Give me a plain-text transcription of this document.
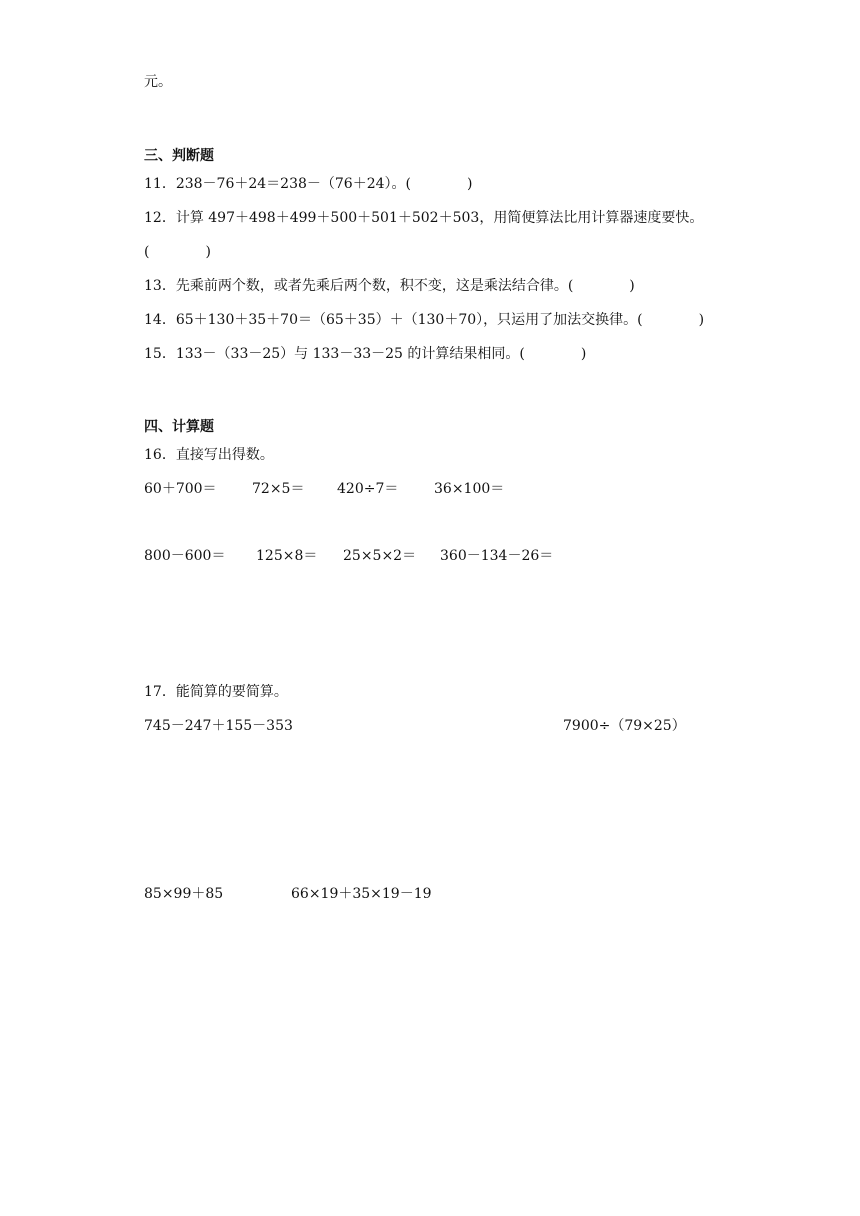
元。
三、判断题
11．238－76＋24＝238－（76＋24）。(　　　　)
12．计算 497＋498＋499＋500＋501＋502＋503，用简便算法比用计算器速度要快。
(　　　　)
13．先乘前两个数，或者先乘后两个数，积不变，这是乘法结合律。(　　　　)
14．65＋130＋35＋70＝（65＋35）＋（130＋70），只运用了加法交换律。(　　　　)
15．133－（33－25）与 133－33－25 的计算结果相同。(　　　　)
四、计算题
16．直接写出得数。
60＋700＝	72×5＝ 420÷7＝	36×100＝
800－600＝ 125×8＝ 25×5×2＝ 360－134－26＝
17．能简算的要简算。
745－247＋155－353	7900÷（79×25）
85×99＋85	66×19＋35×19－19
